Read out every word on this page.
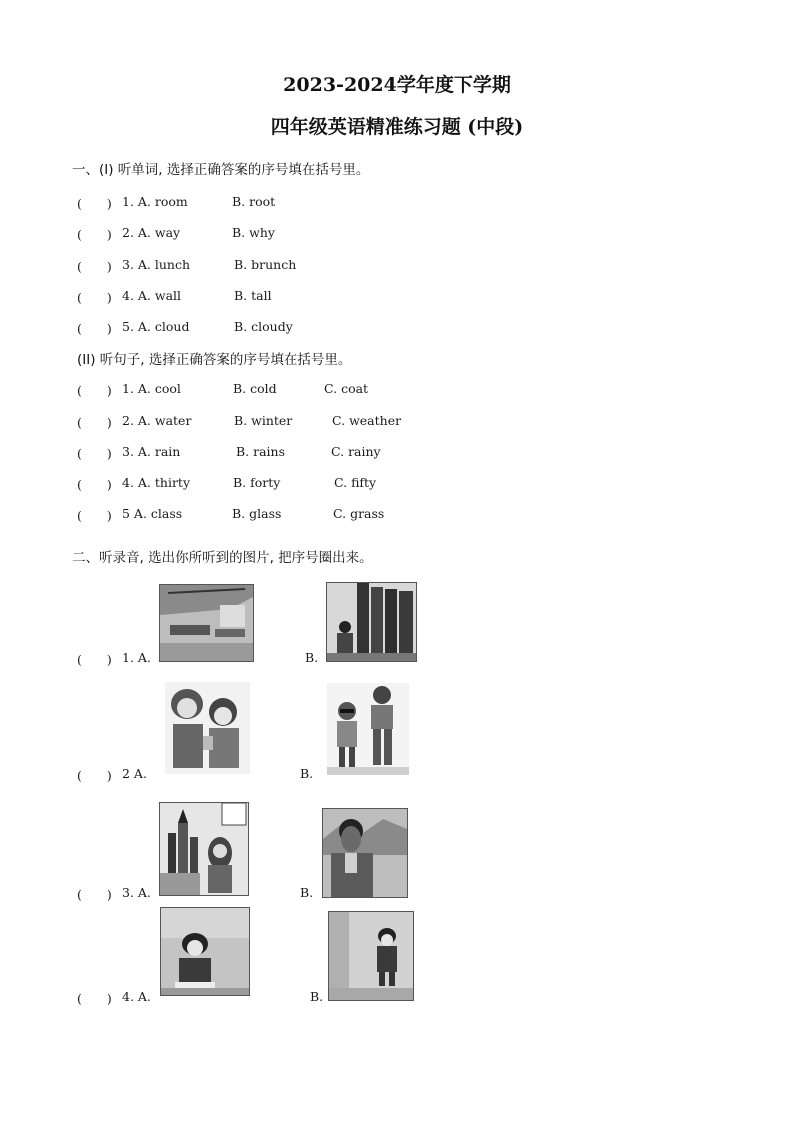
2023-2024学年度下学期
四年级英语精准练习题 (中段)
一、(I) 听单词, 选择正确答案的序号填在括号里。
(　　) 1. A. room	B. root
(　　) 2. A. way	B. why
(　　) 3. A. lunch	B. brunch
(　　) 4. A. wall	B. tall
(　　) 5. A. cloud	B. cloudy
(II) 听句子, 选择正确答案的序号填在括号里。
(　　) 1. A. cool	B. cold	C. coat
(　　) 2. A. water	B. winter	C. weather
(　　) 3. A. rain	B. rains	C. rainy
(　　) 4. A. thirty	B. forty	C. fifty
(　　) 5 A. class	B. glass	C. grass
二、听录音, 选出你所听到的图片, 把序号圈出来。
(　　) 1. A.	B.
(　　) 2 A.	B.
(　　) 3. A.	B.
(　　) 4. A.	B.
